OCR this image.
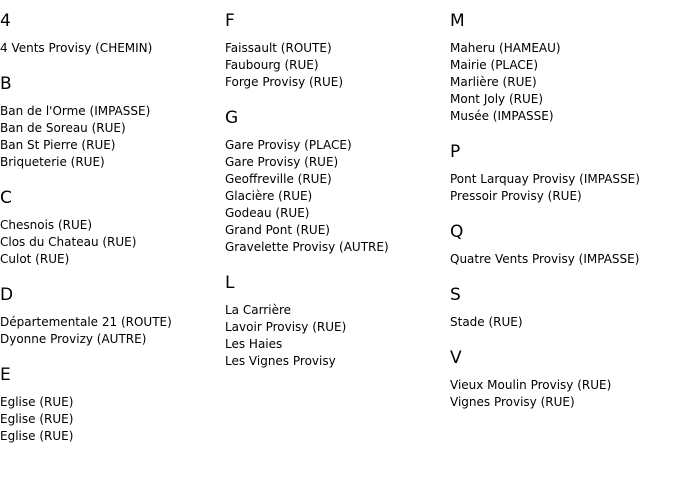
4
4 Vents Provisy (CHEMIN)
B
Ban de l'Orme (IMPASSE)
Ban de Soreau (RUE)
Ban St Pierre (RUE)
Briqueterie (RUE)
C
Chesnois (RUE)
Clos du Chateau (RUE)
Culot (RUE)
D
Départementale 21 (ROUTE)
Dyonne Provizy (AUTRE)
E
Eglise (RUE)
Eglise (RUE)
Eglise (RUE)
F
Faissault (ROUTE)
Faubourg (RUE)
Forge Provisy (RUE)
G
Gare Provisy (PLACE)
Gare Provisy (RUE)
Geoffreville (RUE)
Glacière (RUE)
Godeau (RUE)
Grand Pont (RUE)
Gravelette Provisy (AUTRE)
L
La Carrière
Lavoir Provisy (RUE)
Les Haies
Les Vignes Provisy
M
Maheru (HAMEAU)
Mairie (PLACE)
Marlière (RUE)
Mont Joly (RUE)
Musée (IMPASSE)
P
Pont Larquay Provisy (IMPASSE)
Pressoir Provisy (RUE)
Q
Quatre Vents Provisy (IMPASSE)
S
Stade (RUE)
V
Vieux Moulin Provisy (RUE)
Vignes Provisy (RUE)
